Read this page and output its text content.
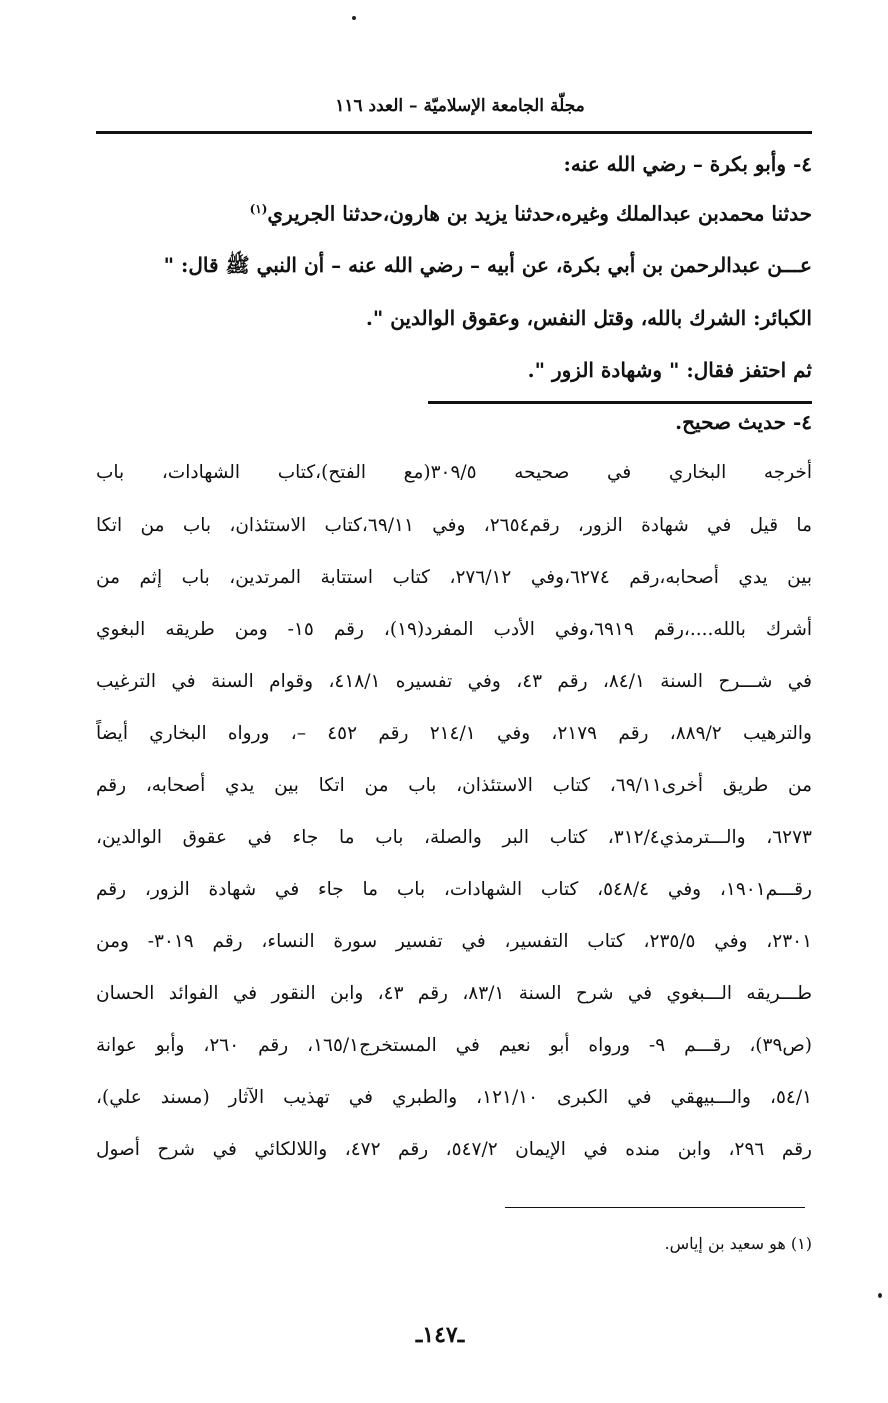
مجلّة الجامعة الإسلاميّة – العدد ١١٦
٤- وأبو بكرة – رضي الله عنه:
حدثنا محمدبن عبدالملك وغيره،حدثنا يزيد بن هارون،حدثنا الجريري$^{(١)}$
عـــن عبدالرحمن بن أبي بكرة، عن أبيه – رضي الله عنه – أن النبي ﷺ قال: "
الكبائر: الشرك بالله، وقتل النفس، وعقوق الوالدين ".
ثم احتفز فقال: " وشهادة الزور ".
٤- حديث صحيح.
أخرجه البخاري في صحيحه ٣٠٩/٥(مع الفتح)،كتاب الشهادات، باب
ما قيل في شهادة الزور، رقم٢٦٥٤، وفي ٦٩/١١،كتاب الاستئذان، باب من اتكا
بين يدي أصحابه،رقم ٦٢٧٤،وفي ٢٧٦/١٢، كتاب استتابة المرتدين، باب إثم من
أشرك بالله....،رقم ٦٩١٩،وفي الأدب المفرد(١٩)، رقم ١٥- ومن طريقه البغوي
في شـــرح السنة ٨٤/١، رقم ٤٣، وفي تفسيره ٤١٨/١، وقوام السنة في الترغيب
والترهيب ٨٨٩/٢، رقم ٢١٧٩، وفي ٢١٤/١ رقم ٤٥٢ –، ورواه البخاري أيضاً
من طريق أخرى٦٩/١١، كتاب الاستئذان، باب من اتكا بين يدي أصحابه، رقم
٦٢٧٣، والـــترمذي٣١٢/٤، كتاب البر والصلة، باب ما جاء في عقوق الوالدين،
رقـــم١٩٠١، وفي ٥٤٨/٤، كتاب الشهادات، باب ما جاء في شهادة الزور، رقم
٢٣٠١، وفي ٢٣٥/٥، كتاب التفسير، في تفسير سورة النساء، رقم ٣٠١٩- ومن
طـــريقه الـــبغوي في شرح السنة ٨٣/١، رقم ٤٣، وابن النقور في الفوائد الحسان
(ص٣٩)، رقـــم ٩- ورواه أبو نعيم في المستخرج١٦٥/١، رقم ٢٦٠، وأبو عوانة
٥٤/١، والـــبيهقي في الكبرى ١٢١/١٠، والطبري في تهذيب الآثار (مسند علي)،
رقم ٢٩٦، وابن منده في الإيمان ٥٤٧/٢، رقم ٤٧٢، واللالكائي في شرح أصول
(١) هو سعيد بن إياس.
ـ١٤٧ـ
